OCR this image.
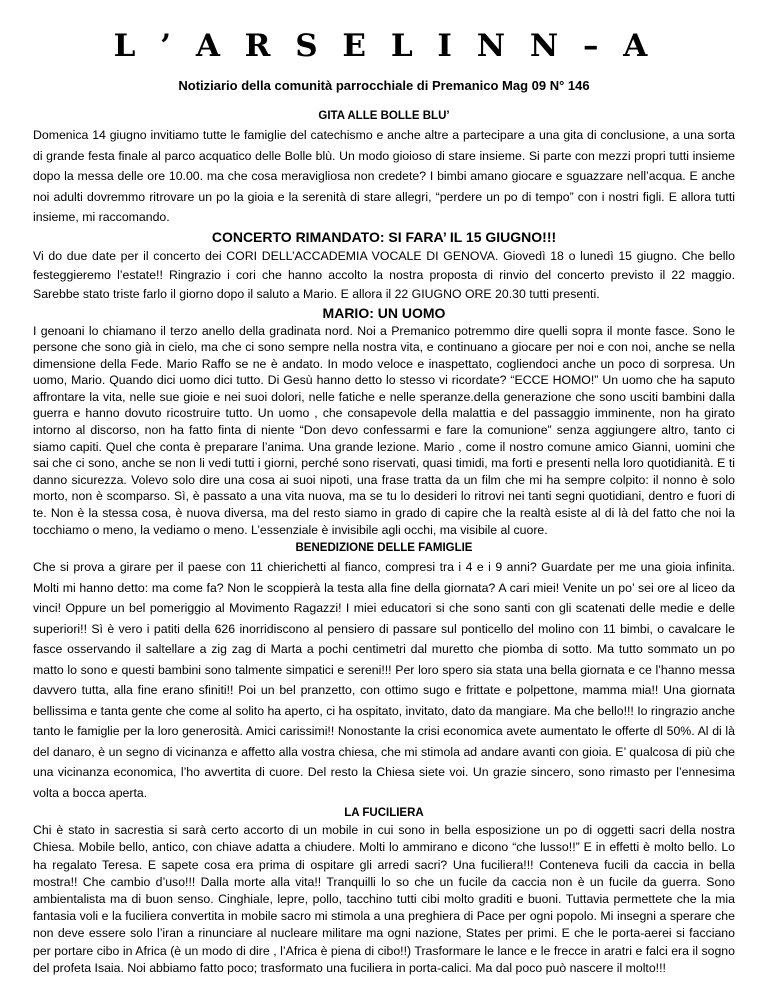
L ’ A R S E L I N N – A
Notiziario della comunità parrocchiale di Premanico Mag 09 N° 146
GITA ALLE BOLLE BLU’

Domenica 14 giugno invitiamo tutte le famiglie del catechismo e anche altre a partecipare a una gita di conclusione, a una sorta di grande festa finale al parco acquatico delle Bolle blù. Un modo gioioso di stare insieme. Si parte con mezzi propri tutti insieme dopo la messa delle ore 10.00. ma che cosa meravigliosa non credete? I bimbi amano giocare e sguazzare nell’acqua. E anche noi adulti dovremmo ritrovare un po la gioia e la serenità di stare allegri, “perdere un po di tempo” con i nostri figli. E allora tutti insieme, mi raccomando.

CONCERTO RIMANDATO: SI FARA’ IL 15 GIUGNO!!!

Vi do due date per il concerto dei CORI DELL’ACCADEMIA VOCALE DI GENOVA. Giovedì 18 o lunedì 15 giugno. Che bello festeggieremo l’estate!! Ringrazio i cori che hanno accolto la nostra proposta di rinvio del concerto previsto il 22 maggio. Sarebbe stato triste farlo il giorno dopo il saluto a Mario. E allora il 22 GIUGNO ORE 20.30 tutti presenti.

MARIO: UN UOMO

I genoani lo chiamano il terzo anello della gradinata nord. Noi a Premanico potremmo dire quelli sopra il monte fasce. Sono le persone che sono già in cielo, ma che ci sono sempre nella nostra vita, e continuano a giocare per noi e con noi, anche se nella dimensione della Fede. Mario Raffo se ne è andato. In modo veloce e inaspettato, cogliendoci anche un poco di sorpresa. Un uomo, Mario. Quando dici uomo dici tutto. Di Gesù hanno detto lo stesso vi ricordate? “ECCE HOMO!” Un uomo che ha saputo affrontare la vita, nelle sue gioie e nei suoi dolori, nelle fatiche e nelle speranze.della generazione che sono usciti bambini dalla guerra e hanno dovuto ricostruire tutto. Un uomo , che consapevole della malattia e del passaggio imminente, non ha girato intorno al discorso, non ha fatto finta di niente “Don devo confessarmi e fare la comunione” senza aggiungere altro, tanto ci siamo capiti. Quel che conta è preparare l’anima. Una grande lezione. Mario , come il nostro comune amico Gianni, uomini che sai che ci sono, anche se non li vedi tutti i giorni, perché sono riservati, quasi timidi, ma forti e presenti nella loro quotidianità. E ti danno sicurezza. Volevo solo dire una cosa ai suoi nipoti, una frase tratta da un film che mi ha sempre colpito: il nonno è solo morto, non è scomparso. Sì, è passato a una vita nuova, ma se tu lo desideri lo ritrovi nei tanti segni quotidiani, dentro e fuori di te. Non è la stessa cosa, è nuova diversa, ma del resto siamo in grado di capire che la realtà esiste al di là del fatto che noi la tocchiamo o meno, la vediamo o meno. L’essenziale è invisibile agli occhi, ma visibile al cuore.

BENEDIZIONE DELLE FAMIGLIE

Che si prova a girare per il paese con 11 chierichetti al fianco, compresi tra i 4 e i 9 anni? Guardate per me una gioia infinita. Molti mi hanno detto: ma come fa? Non le scoppierà la testa alla fine della giornata? A cari miei! Venite un po’ sei ore al liceo da vinci! Oppure un bel pomeriggio al Movimento Ragazzi! I miei educatori si che sono santi con gli scatenati delle medie e delle superiori!! Sì è vero i patiti della 626 inorridiscono al pensiero di passare sul ponticello del molino con 11 bimbi, o cavalcare le fasce osservando il saltellare a zig zag di Marta a pochi centimetri dal muretto che piomba di sotto. Ma tutto sommato un po matto lo sono e questi bambini sono talmente simpatici e sereni!!! Per loro spero sia stata una bella giornata e ce l’hanno messa davvero tutta, alla fine erano sfiniti!! Poi un bel pranzetto, con ottimo sugo e frittate e polpettone, mamma mia!! Una giornata bellissima e tanta gente che come al solito ha aperto, ci ha ospitato, invitato, dato da mangiare. Ma che bello!!! Io ringrazio anche tanto le famiglie per la loro generosità. Amici carissimi!! Nonostante la crisi economica avete aumentato le offerte dl 50%. Al di là del danaro, è un segno di vicinanza e affetto alla vostra chiesa, che mi stimola ad andare avanti con gioia. E’ qualcosa di più che una vicinanza economica, l’ho avvertita di cuore. Del resto la Chiesa siete voi. Un grazie sincero, sono rimasto per l’ennesima volta a bocca aperta.

LA FUCILIERA

Chi è stato in sacrestia si sarà certo accorto di un mobile in cui sono in bella esposizione un po di oggetti sacri della nostra Chiesa. Mobile bello, antico, con chiave adatta a chiudere. Molti lo ammirano e dicono “che lusso!!” E in effetti è molto bello. Lo ha regalato Teresa. E sapete cosa era prima di ospitare gli arredi sacri? Una fuciliera!!! Conteneva fucili da caccia in bella mostra!! Che cambio d’uso!!! Dalla morte alla vita!! Tranquilli lo so che un fucile da caccia non è un fucile da guerra. Sono ambientalista ma di buon senso. Cinghiale, lepre, pollo, tacchino tutti cibi molto graditi e buoni. Tuttavia permettete che la mia fantasia voli e la fuciliera convertita in mobile sacro mi stimola a una preghiera di Pace per ogni popolo. Mi insegni a sperare che non deve essere solo l’iran a rinunciare al nucleare militare ma ogni nazione, States per primi. E che le porta-aerei si facciano per portare cibo in Africa (è un modo di dire , l’Africa è piena di cibo!!) Trasformare le lance e le frecce in aratri e falci era il sogno del profeta Isaia. Noi abbiamo fatto poco; trasformato una fuciliera in porta-calici. Ma dal poco può nascere il molto!!!
